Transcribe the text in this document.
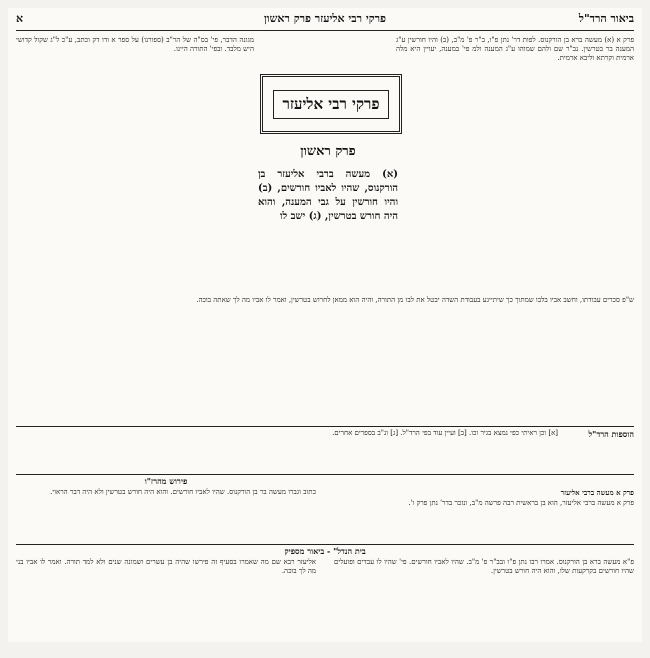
ביאור הרד"ל
פרקי רבי אליעזר פרק ראשון
א

פרק א (א) מעשה ברא בן הורקנוס. לפות דר' נתן פ"ו, ב"ר פ' מ"ב, (ב) והיו חורשין ע"ג המענה בר בטרשין. נב"ר שם ולהם שמוהו ע"ג המענה ולמ פי' במענה, יעויין היא מלה ארמית וקרתא וליבא ארמית.

מגונה הדבר, פי' בס"ה של הר"ב (ספורנו) על ספר א ודו דק וכתב, ע"כ ל"ג שקול קדושי היש מלבד. ובפי' התורה היינו.

פרקי רבי אליעזר
פרק ראשון
(א) מעשה ברבי אליעזר בן הורקנוס, שהיו לאביו חורשים, (ב) והיו חורשין על גבי המענה, והוא היה חורש בטרשין, (ג) ישב לו

ש"פ סכרים עבודתו, וחשב אביו בלבו שמתוך כך שיתייגע בעבודת השדה יבטל את לבו מן התורה, והיה הוא ממאן לחרוש בטרשין, ואמר לו אביו מה לך שאתה בוכה.

הוספות הרד"ל

[א] וכן ראיתי כפי נמצא בגיר וכו. [ב] ועיין עוד בפי הרד"ל. [ג] ונ"ב בספרים אחרים.

פירוש מהרז"ו

פרק א מעשה ברבי אליעזר

פרק א מעשה ברבי אליעזר, הוא בן בראשית רבה פרשה מ"ב, ונזכר בדר' נתן פרק ו'.

כתוב וגברו מעשה בר בן הורקנוס. שהיו לאביו חורשים. והוא היה חורש בטרשין ולא היה דבר הראוי.

בית הנדל" - ביאור מספיק

פ"א מעשה ברא בן הורקנוס. אמרו רבו נתן פ"ו ובב"ר פ' מ"ב. שהיו לאביו חורשים. פי' שהיו לו עבדים ופועלים שהיו חורשים בקרקעות שלו, והוא היה חורש בטרשין.

אליעזר רבא שם מה שאמרו בסעיף זה פירשו שהיה בן עשרים ושמונה שנים ולא למד תורה. ואמר לו אביו בני מה לך בוכה.
